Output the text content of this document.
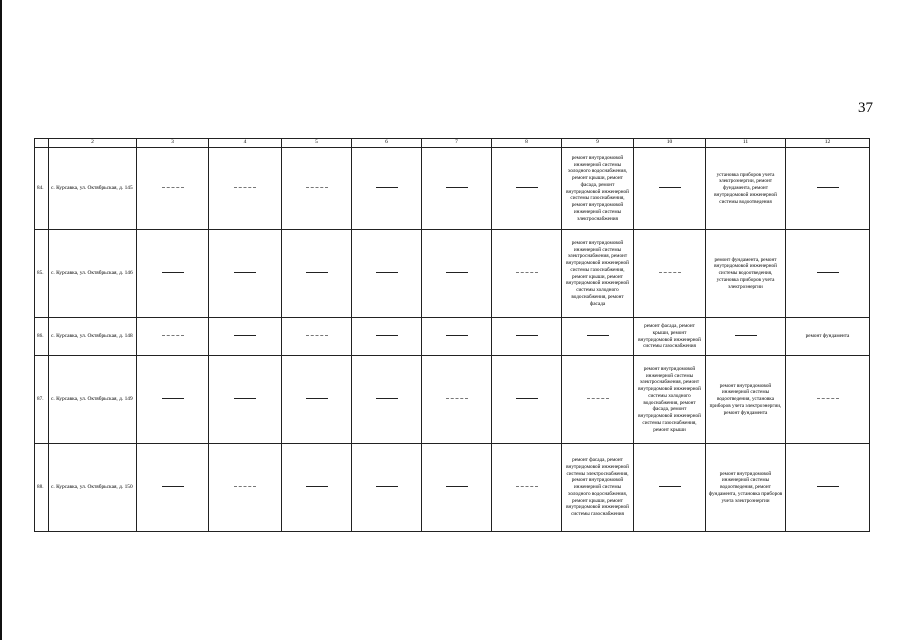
37
	2	3	4	5	6	7	8	9	10	11	12
84.	с. Курсавка, ул. Октябрьская, д. 145							ремонт внутридомовой инженерной системы холодного водоснабжения, ремонт крыши, ремонт фасада, ремонт внутридомовой инженерной системы газоснабжения, ремонт внутридомовой инженерной системы электроснабжения		установка приборов учета электроэнергии, ремонт фундамента, ремонт внутридомовой инженерной системы водоотведения	
85.	с. Курсавка, ул. Октябрьская, д. 146							ремонт внутридомовой инженерной системы электроснабжения, ремонт внутридомовой инженерной системы газоснабжения, ремонт крыши, ремонт внутридомовой инженерной системы холодного водоснабжения, ремонт фасада		ремонт фундамента, ремонт внутридомовой инженерной системы водоотведения, установка приборов учета электроэнергии	
86.	с. Курсавка, ул. Октябрьская, д. 148								ремонт фасада, ремонт крыши, ремонт внутридомовой инженерной системы газоснабжения		ремонт фундамента
87.	с. Курсавка, ул. Октябрьская, д. 149								ремонт внутридомовой инженерной системы электроснабжения, ремонт внутридомовой инженерной системы холодного водоснабжения, ремонт фасада, ремонт внутридомовой инженерной системы газоснабжения, ремонт крыши	ремонт внутридомовой инженерной системы водоотведения, установка приборов учета электроэнергии, ремонт фундамента	
88.	с. Курсавка, ул. Октябрьская, д. 150							ремонт фасада, ремонт внутридомовой инженерной системы электроснабжения, ремонт внутридомовой инженерной системы холодного водоснабжения, ремонт крыши, ремонт внутридомовой инженерной системы газоснабжения		ремонт внутридомовой инженерной системы водоотведения, ремонт фундамента, установка приборов учета электроэнергии	
